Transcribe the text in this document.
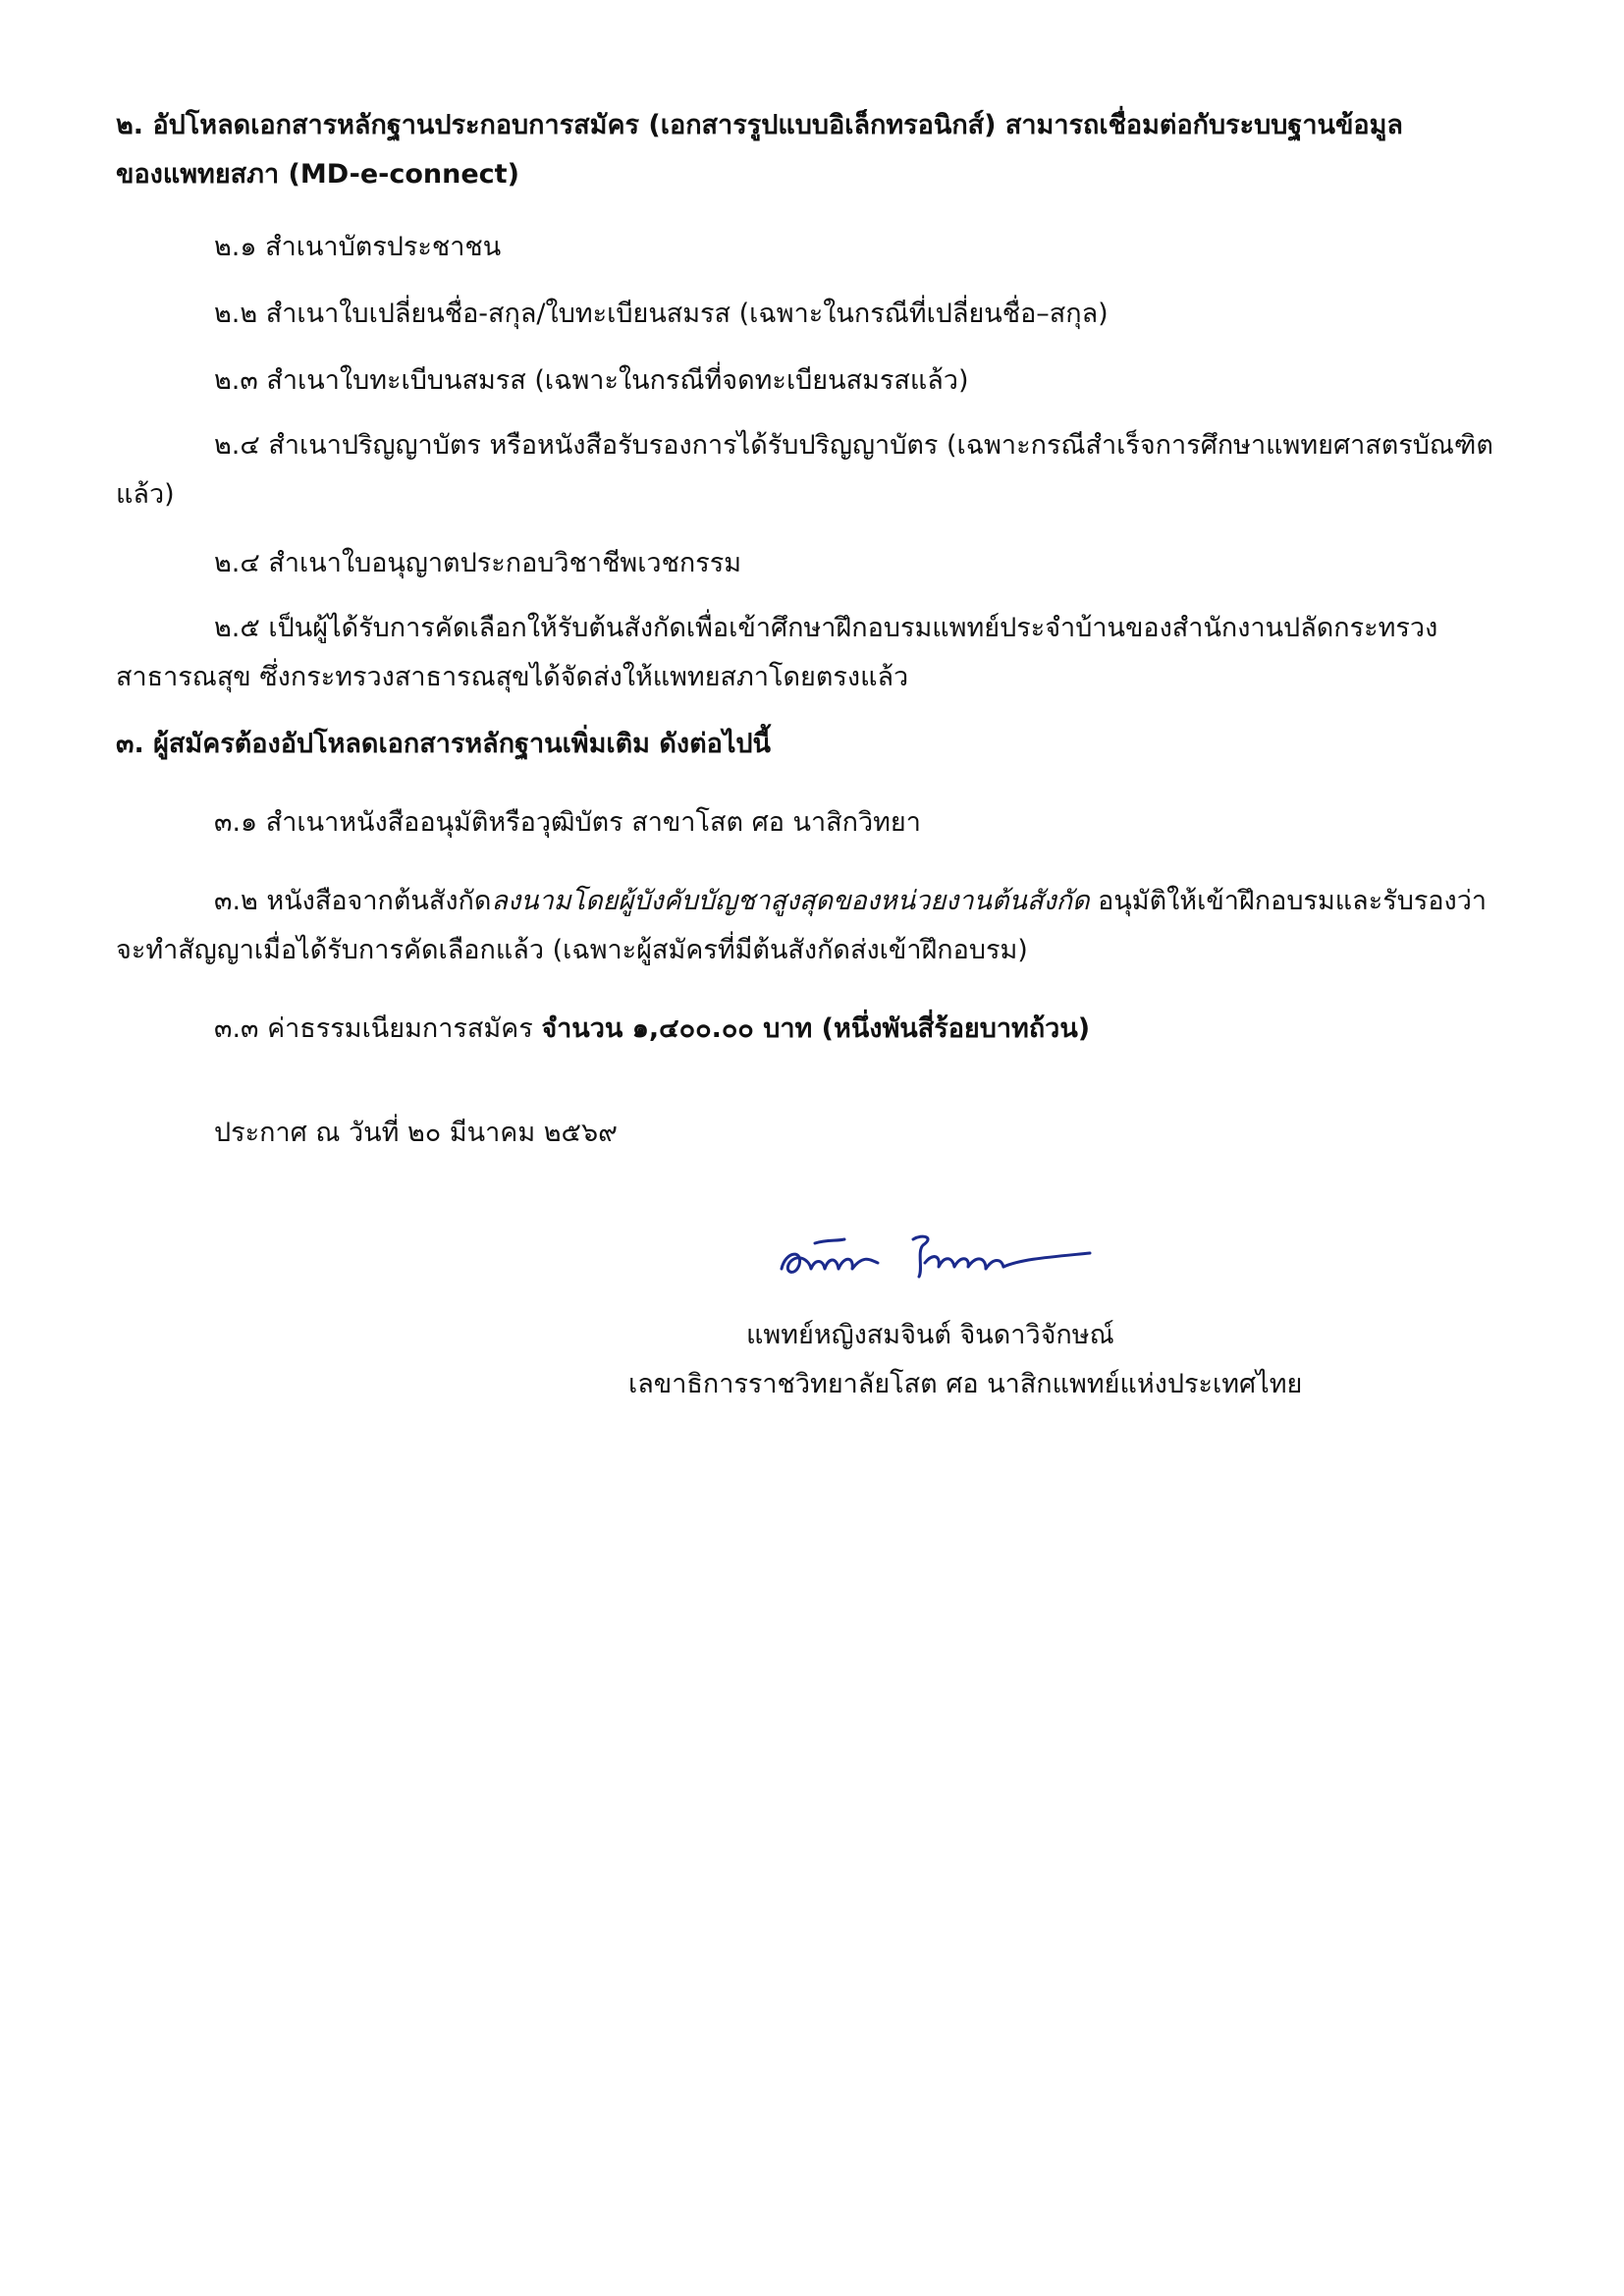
๒. อัปโหลดเอกสารหลักฐานประกอบการสมัคร (เอกสารรูปแบบอิเล็กทรอนิกส์) สามารถเชื่อมต่อกับระบบฐานข้อมูล
ของแพทยสภา (MD-e-connect)
๒.๑ สำเนาบัตรประชาชน
๒.๒ สำเนาใบเปลี่ยนชื่อ-สกุล/ใบทะเบียนสมรส (เฉพาะในกรณีที่เปลี่ยนชื่อ–สกุล)
๒.๓ สำเนาใบทะเบีบนสมรส (เฉพาะในกรณีที่จดทะเบียนสมรสแล้ว)
๒.๔ สำเนาปริญญาบัตร หรือหนังสือรับรองการได้รับปริญญาบัตร (เฉพาะกรณีสำเร็จการศึกษาแพทยศาสตรบัณฑิต
แล้ว)
๒.๔ สำเนาใบอนุญาตประกอบวิชาชีพเวชกรรม
๒.๕ เป็นผู้ได้รับการคัดเลือกให้รับต้นสังกัดเพื่อเข้าศึกษาฝึกอบรมแพทย์ประจำบ้านของสำนักงานปลัดกระทรวง
สาธารณสุข ซึ่งกระทรวงสาธารณสุขได้จัดส่งให้แพทยสภาโดยตรงแล้ว
๓. ผู้สมัครต้องอัปโหลดเอกสารหลักฐานเพิ่มเติม ดังต่อไปนี้
๓.๑ สำเนาหนังสืออนุมัติหรือวุฒิบัตร สาขาโสต ศอ นาสิกวิทยา
๓.๒ หนังสือจากต้นสังกัดลงนามโดยผู้บังคับบัญชาสูงสุดของหน่วยงานต้นสังกัด อนุมัติให้เข้าฝึกอบรมและรับรองว่า
จะทำสัญญาเมื่อได้รับการคัดเลือกแล้ว (เฉพาะผู้สมัครที่มีต้นสังกัดส่งเข้าฝึกอบรม)
๓.๓ ค่าธรรมเนียมการสมัคร จำนวน ๑,๔๐๐.๐๐ บาท (หนึ่งพันสี่ร้อยบาทถ้วน)
ประกาศ ณ วันที่ ๒๐ มีนาคม ๒๕๖๙
แพทย์หญิงสมจินต์ จินดาวิจักษณ์
เลขาธิการราชวิทยาลัยโสต ศอ นาสิกแพทย์แห่งประเทศไทย
